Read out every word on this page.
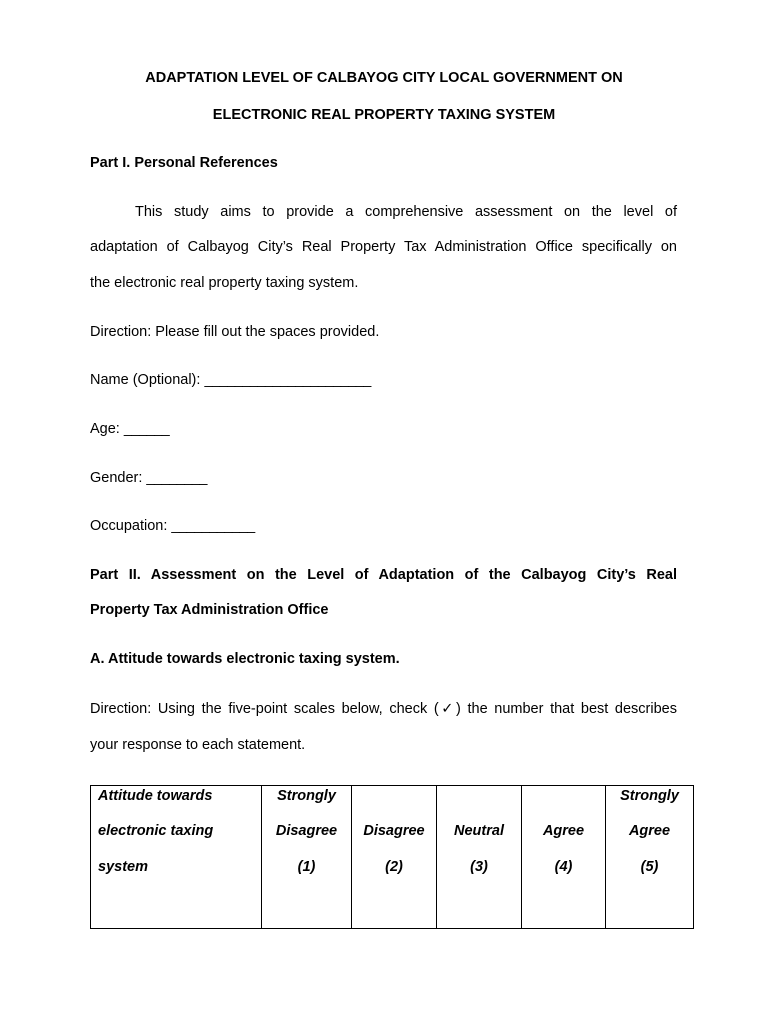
ADAPTATION LEVEL OF CALBAYOG CITY LOCAL GOVERNMENT ON
ELECTRONIC REAL PROPERTY TAXING SYSTEM
Part I. Personal References
This study aims to provide a comprehensive assessment on the level of
adaptation of Calbayog City’s Real Property Tax Administration Office specifically on
the electronic real property taxing system.
Direction: Please fill out the spaces provided.
Name (Optional): ______________________
Age: ______
Gender: ________
Occupation: ___________
Part II. Assessment on the Level of Adaptation of the Calbayog City’s Real
Property Tax Administration Office
A. Attitude towards electronic taxing system.
Direction: Using the five-point scales below, check (✓) the number that best describes
your response to each statement.
Attitude towards
electronic taxing
system

Strongly
Disagree
(1)

Disagree
(2)

Neutral
(3)

Agree
(4)

Strongly
Agree
(5)
